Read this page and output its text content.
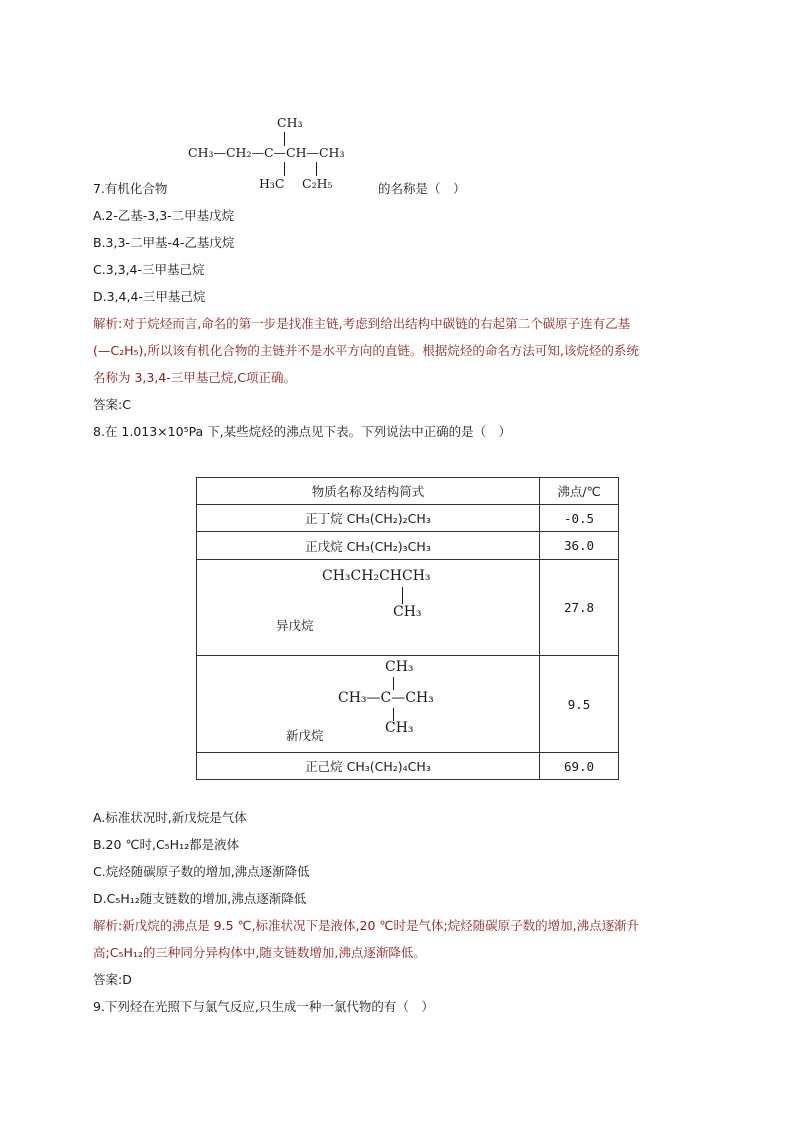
CH₃
CH₃—CH₂—C—CH—CH₃
H₃C C₂H₅
7.有机化合物	的名称是（　）
A.2-乙基-3,3-二甲基戊烷
B.3,3-二甲基-4-乙基戊烷
C.3,3,4-三甲基己烷
D.3,4,4-三甲基己烷
解析:对于烷烃而言,命名的第一步是找准主链,考虑到给出结构中碳链的右起第二个碳原子连有乙基
(—C₂H₅),所以该有机化合物的主链并不是水平方向的直链。根据烷烃的命名方法可知,该烷烃的系统
名称为 3,3,4-三甲基己烷,C项正确。
答案:C
8.在 1.013×10⁵Pa 下,某些烷烃的沸点见下表。下列说法中正确的是（　）
物质名称及结构简式	沸点/℃
正丁烷 CH₃(CH₂)₂CH₃	-0.5
正戊烷 CH₃(CH₂)₃CH₃	36.0

CH₃CH₂CHCH₃
CH₃
异戊烷	27.8

CH₃
CH₃—C—CH₃
CH₃
新戊烷	9.5
正己烷 CH₃(CH₂)₄CH₃	69.0
A.标准状况时,新戊烷是气体
B.20 ℃时,C₅H₁₂都是液体
C.烷烃随碳原子数的增加,沸点逐渐降低
D.C₅H₁₂随支链数的增加,沸点逐渐降低
解析:新戊烷的沸点是 9.5 ℃,标准状况下是液体,20 ℃时是气体;烷烃随碳原子数的增加,沸点逐渐升
高;C₅H₁₂的三种同分异构体中,随支链数增加,沸点逐渐降低。
答案:D
9.下列烃在光照下与氯气反应,只生成一种一氯代物的有（　）
